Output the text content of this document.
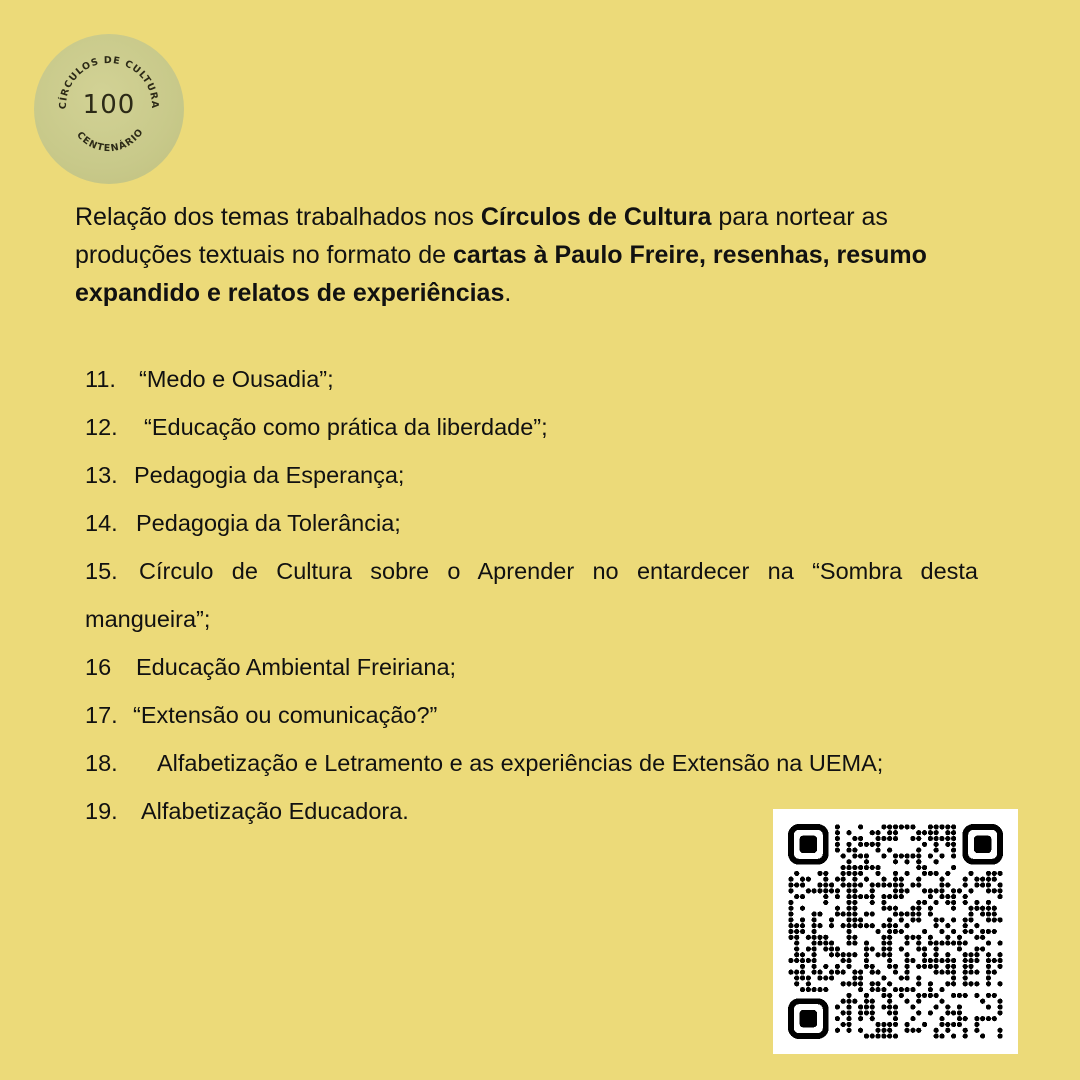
CÍRCULOS DE CULTURA
CENTENÁRIO
100
Relação dos temas trabalhados nos Círculos de Cultura para nortear as produções textuais no formato de cartas à Paulo Freire, resenhas, resumo expandido e relatos de experiências.
11. “Medo e Ousadia”;
12. “Educação como prática da liberdade”;
13. Pedagogia da Esperança;
14. Pedagogia da Tolerância;
15. Círculo de Cultura sobre o Aprender no entardecer na “Sombra desta mangueira”;
16 Educação Ambiental Freiriana;
17. “Extensão ou comunicação?”
18. Alfabetização e Letramento e as experiências de Extensão na UEMA;
19. Alfabetização Educadora.
